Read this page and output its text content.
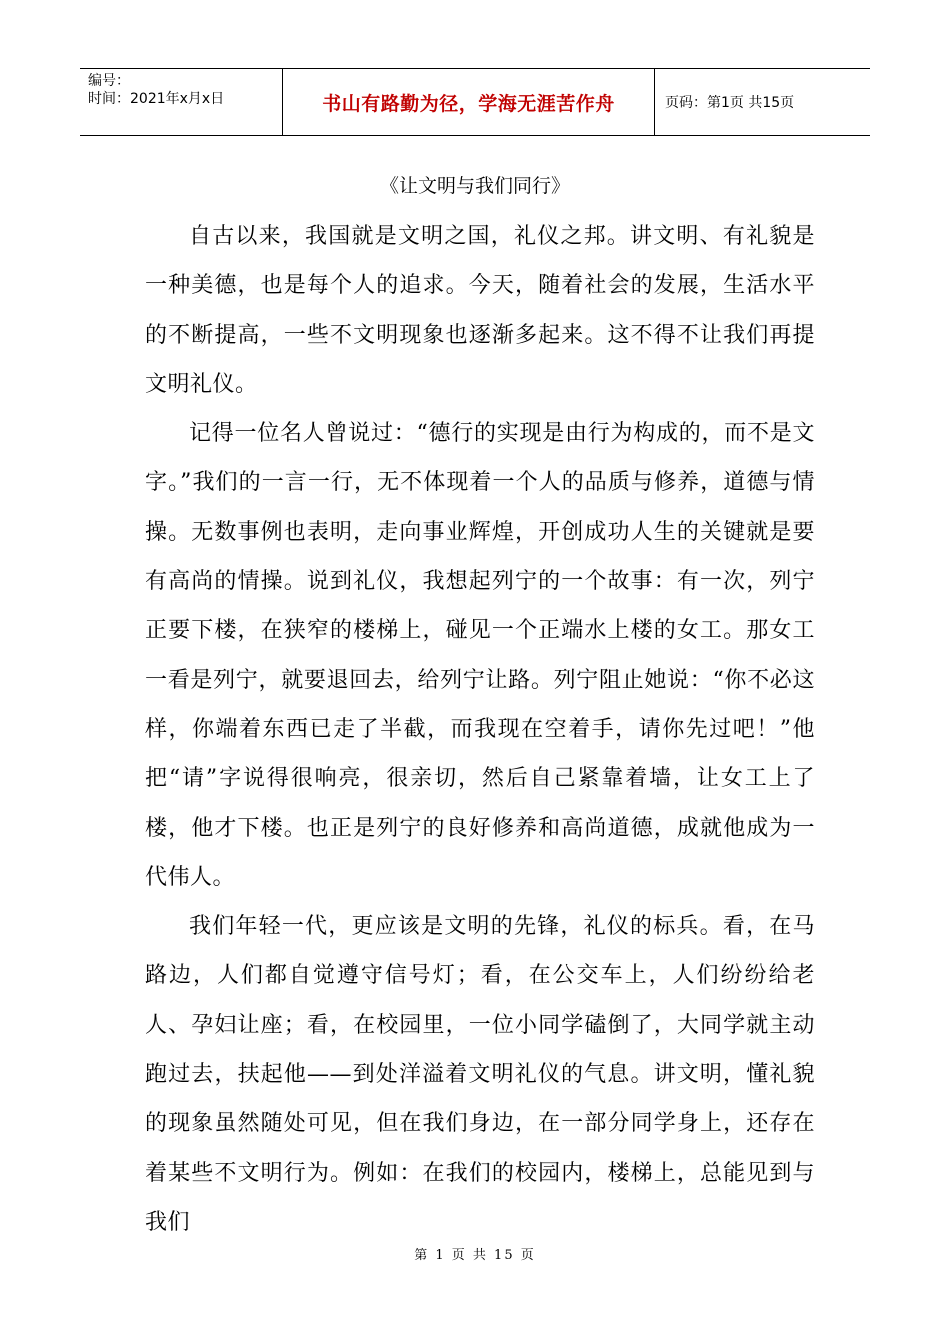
编号：
时间：2021年x月x日	书山有路勤为径，学海无涯苦作舟	页码：第1页 共15页
《让文明与我们同行》

自古以来，我国就是文明之国，礼仪之邦。讲文明、有礼貌是一种美德，也是每个人的追求。今天，随着社会的发展，生活水平的不断提高，一些不文明现象也逐渐多起来。这不得不让我们再提文明礼仪。

记得一位名人曾说过：“德行的实现是由行为构成的，而不是文字。”我们的一言一行，无不体现着一个人的品质与修养，道德与情操。无数事例也表明，走向事业辉煌，开创成功人生的关键就是要有高尚的情操。说到礼仪，我想起列宁的一个故事：有一次，列宁正要下楼，在狭窄的楼梯上，碰见一个正端水上楼的女工。那女工一看是列宁，就要退回去，给列宁让路。列宁阻止她说：“你不必这样，你端着东西已走了半截，而我现在空着手，请你先过吧！”他把“请”字说得很响亮，很亲切，然后自己紧靠着墙，让女工上了楼，他才下楼。也正是列宁的良好修养和高尚道德，成就他成为一代伟人。

我们年轻一代，更应该是文明的先锋，礼仪的标兵。看，在马路边，人们都自觉遵守信号灯；看，在公交车上，人们纷纷给老人、孕妇让座；看，在校园里，一位小同学磕倒了，大同学就主动跑过去，扶起他——到处洋溢着文明礼仪的气息。讲文明，懂礼貌的现象虽然随处可见，但在我们身边，在一部分同学身上，还存在着某些不文明行为。例如：在我们的校园内，楼梯上，总能见到与我们

第 1 页 共 15 页
